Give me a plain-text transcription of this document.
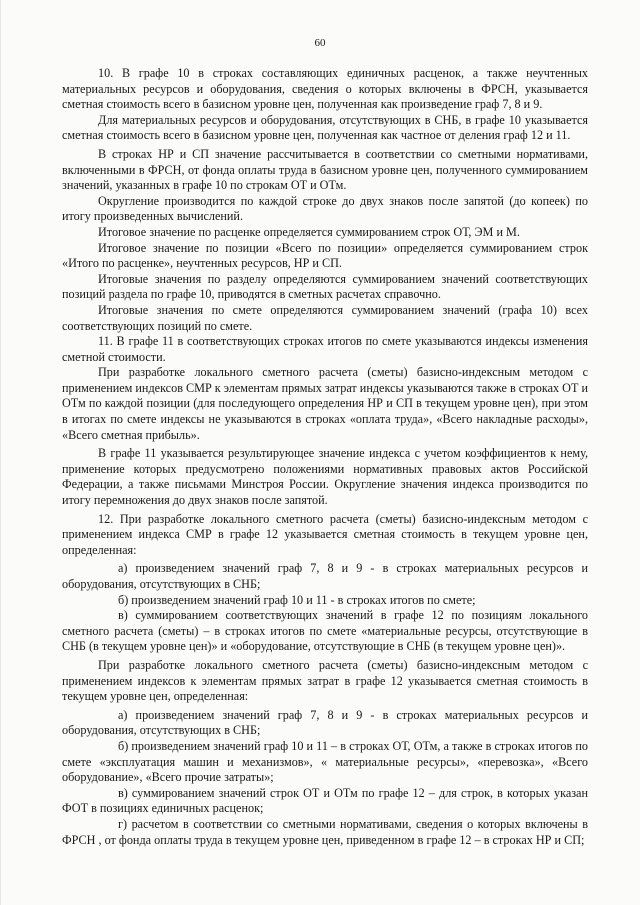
60

10. В графе 10 в строках составляющих единичных расценок, а также неучтенных материальных ресурсов и оборудования, сведения о которых включены в ФРСН, указывается сметная стоимость всего в базисном уровне цен, полученная как произведение граф 7, 8 и 9.

Для материальных ресурсов и оборудования, отсутствующих в СНБ, в графе 10 указывается сметная стоимость всего в базисном уровне цен, полученная как частное от деления граф 12 и 11.

В строках НР и СП значение рассчитывается в соответствии со сметными нормативами, включенными в ФРСН, от фонда оплаты труда в базисном уровне цен, полученного суммированием значений, указанных в графе 10 по строкам ОТ и ОТм.

Округление производится по каждой строке до двух знаков после запятой (до копеек) по итогу произведенных вычислений.

Итоговое значение по расценке определяется суммированием строк ОТ, ЭМ и М.

Итоговое значение по позиции «Всего по позиции» определяется суммированием строк «Итого по расценке», неучтенных ресурсов, НР и СП.

Итоговые значения по разделу определяются суммированием значений соответствующих позиций раздела по графе 10, приводятся в сметных расчетах справочно.

Итоговые значения по смете определяются суммированием значений (графа 10) всех соответствующих позиций по смете.

11. В графе 11 в соответствующих строках итогов по смете указываются индексы изменения сметной стоимости.

При разработке локального сметного расчета (сметы) базисно-индексным методом с применением индексов СМР к элементам прямых затрат индексы указываются также в строках ОТ и ОТм по каждой позиции (для последующего определения НР и СП в текущем уровне цен), при этом в итогах по смете индексы не указываются в строках «оплата труда», «Всего накладные расходы», «Всего сметная прибыль».

В графе 11 указывается результирующее значение индекса с учетом коэффициентов к нему, применение которых предусмотрено положениями нормативных правовых актов Российской Федерации, а также письмами Минстроя России. Округление значения индекса производится по итогу перемножения до двух знаков после запятой.

12. При разработке локального сметного расчета (сметы) базисно-индексным методом с применением индекса СМР в графе 12 указывается сметная стоимость в текущем уровне цен, определенная:

а) произведением значений граф 7, 8 и 9 - в строках материальных ресурсов и оборудования, отсутствующих в СНБ;

б) произведением значений граф 10 и 11 - в строках итогов по смете;

в) суммированием соответствующих значений в графе 12 по позициям локального сметного расчета (сметы) – в строках итогов по смете «материальные ресурсы, отсутствующие в СНБ (в текущем уровне цен)» и «оборудование, отсутствующие в СНБ (в текущем уровне цен)».

При разработке локального сметного расчета (сметы) базисно-индексным методом с применением индексов к элементам прямых затрат в графе 12 указывается сметная стоимость в текущем уровне цен, определенная:

а) произведением значений граф 7, 8 и 9 - в строках материальных ресурсов и оборудования, отсутствующих в СНБ;

б) произведением значений граф 10 и 11 – в строках ОТ, ОТм, а также в строках итогов по смете «эксплуатация машин и механизмов», « материальные ресурсы», «перевозка», «Всего оборудование», «Всего прочие затраты»;

в) суммированием значений строк ОТ и ОТм по графе 12 – для строк, в которых указан ФОТ в позициях единичных расценок;

г) расчетом в соответствии со сметными нормативами, сведения о которых включены в ФРСН , от фонда оплаты труда в текущем уровне цен, приведенном в графе 12 – в строках НР и СП;
